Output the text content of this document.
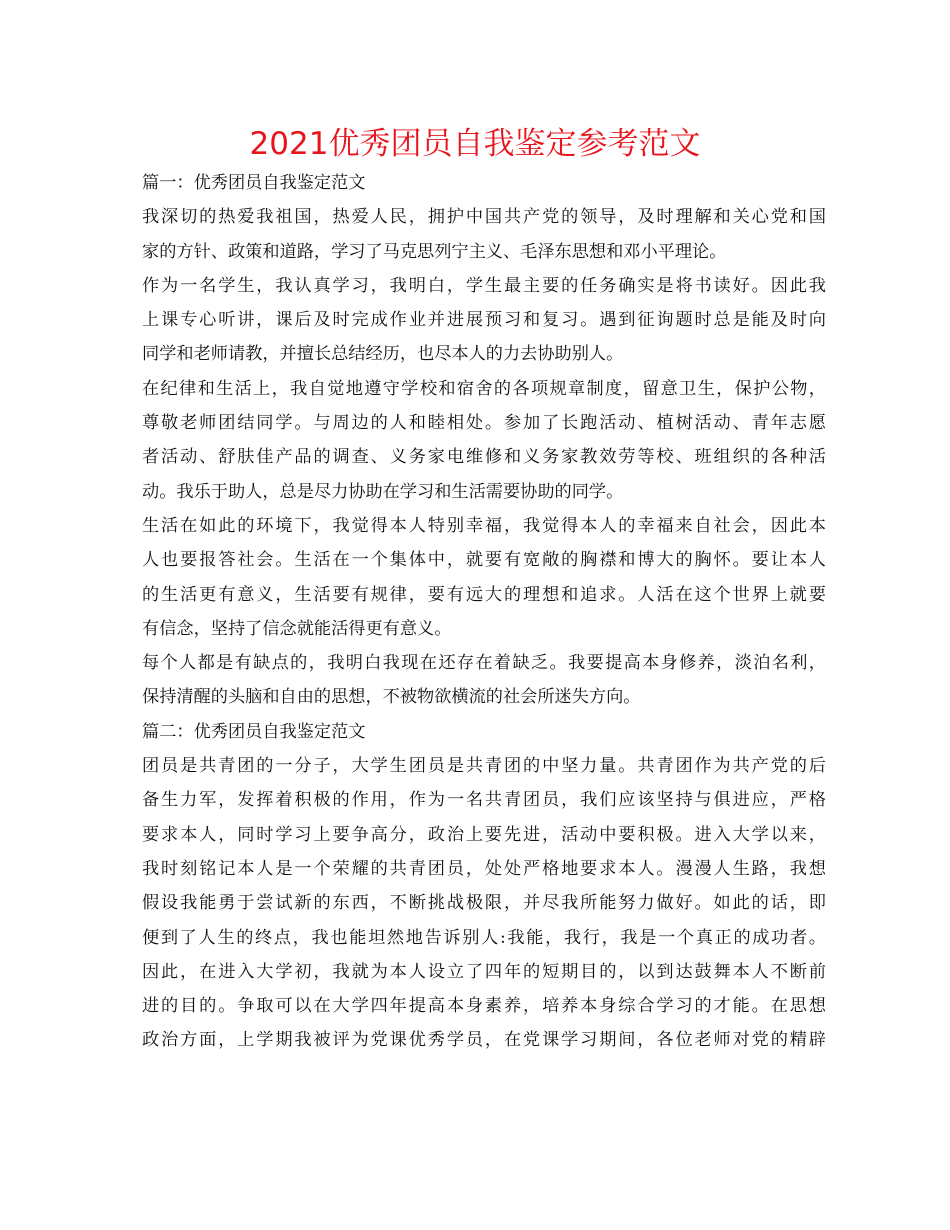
2021优秀团员自我鉴定参考范文
篇一：优秀团员自我鉴定范文
我深切的热爱我祖国，热爱人民，拥护中国共产党的领导，及时理解和关心党和国
家的方针、政策和道路，学习了马克思列宁主义、毛泽东思想和邓小平理论。
作为一名学生，我认真学习，我明白，学生最主要的任务确实是将书读好。因此我
上课专心听讲，课后及时完成作业并进展预习和复习。遇到征询题时总是能及时向
同学和老师请教，并擅长总结经历，也尽本人的力去协助别人。
在纪律和生活上，我自觉地遵守学校和宿舍的各项规章制度，留意卫生，保护公物，
尊敬老师团结同学。与周边的人和睦相处。参加了长跑活动、植树活动、青年志愿
者活动、舒肤佳产品的调查、义务家电维修和义务家教效劳等校、班组织的各种活
动。我乐于助人，总是尽力协助在学习和生活需要协助的同学。
生活在如此的环境下，我觉得本人特别幸福，我觉得本人的幸福来自社会，因此本
人也要报答社会。生活在一个集体中，就要有宽敞的胸襟和博大的胸怀。要让本人
的生活更有意义，生活要有规律，要有远大的理想和追求。人活在这个世界上就要
有信念，坚持了信念就能活得更有意义。
每个人都是有缺点的，我明白我现在还存在着缺乏。我要提高本身修养，淡泊名利，
保持清醒的头脑和自由的思想，不被物欲横流的社会所迷失方向。
篇二：优秀团员自我鉴定范文
团员是共青团的一分子，大学生团员是共青团的中坚力量。共青团作为共产党的后
备生力军，发挥着积极的作用，作为一名共青团员，我们应该坚持与俱进应，严格
要求本人，同时学习上要争高分，政治上要先进，活动中要积极。进入大学以来，
我时刻铭记本人是一个荣耀的共青团员，处处严格地要求本人。漫漫人生路，我想
假设我能勇于尝试新的东西，不断挑战极限，并尽我所能努力做好。如此的话，即
便到了人生的终点，我也能坦然地告诉别人:我能，我行，我是一个真正的成功者。
因此，在进入大学初，我就为本人设立了四年的短期目的，以到达鼓舞本人不断前
进的目的。争取可以在大学四年提高本身素养，培养本身综合学习的才能。在思想
政治方面，上学期我被评为党课优秀学员，在党课学习期间，各位老师对党的精辟
